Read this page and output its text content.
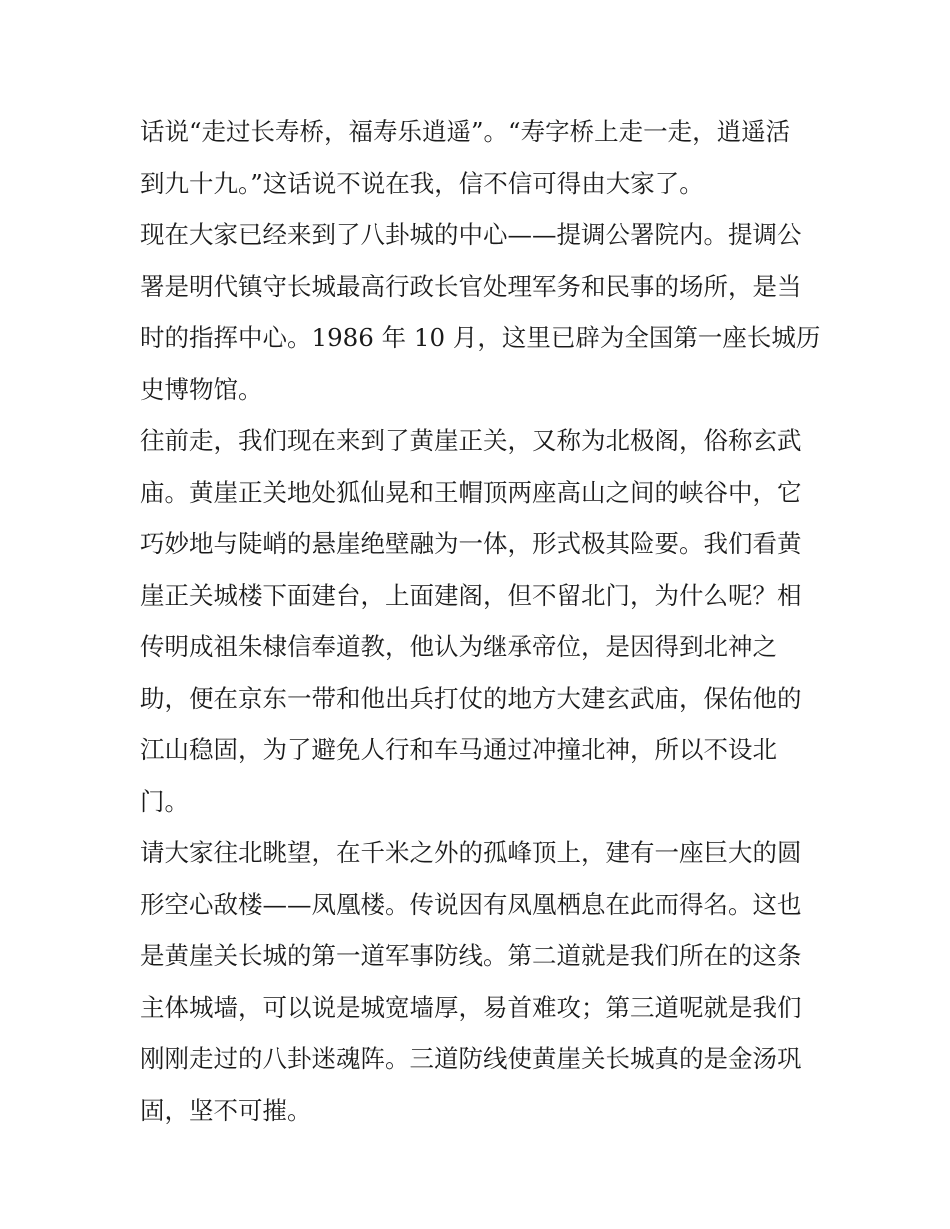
话说“走过长寿桥，福寿乐逍遥”。“寿字桥上走一走，逍遥活
到九十九。”这话说不说在我，信不信可得由大家了。
现在大家已经来到了八卦城的中心——提调公署院内。提调公
署是明代镇守长城最高行政长官处理军务和民事的场所，是当
时的指挥中心。1986 年 10 月，这里已辟为全国第一座长城历
史博物馆。
往前走，我们现在来到了黄崖正关，又称为北极阁，俗称玄武
庙。黄崖正关地处狐仙晃和王帽顶两座高山之间的峡谷中，它
巧妙地与陡峭的悬崖绝壁融为一体，形式极其险要。我们看黄
崖正关城楼下面建台，上面建阁，但不留北门，为什么呢？相
传明成祖朱棣信奉道教，他认为继承帝位，是因得到北神之
助，便在京东一带和他出兵打仗的地方大建玄武庙，保佑他的
江山稳固，为了避免人行和车马通过冲撞北神，所以不设北
门。
请大家往北眺望，在千米之外的孤峰顶上，建有一座巨大的圆
形空心敌楼——凤凰楼。传说因有凤凰栖息在此而得名。这也
是黄崖关长城的第一道军事防线。第二道就是我们所在的这条
主体城墙，可以说是城宽墙厚，易首难攻；第三道呢就是我们
刚刚走过的八卦迷魂阵。三道防线使黄崖关长城真的是金汤巩
固，坚不可摧。
